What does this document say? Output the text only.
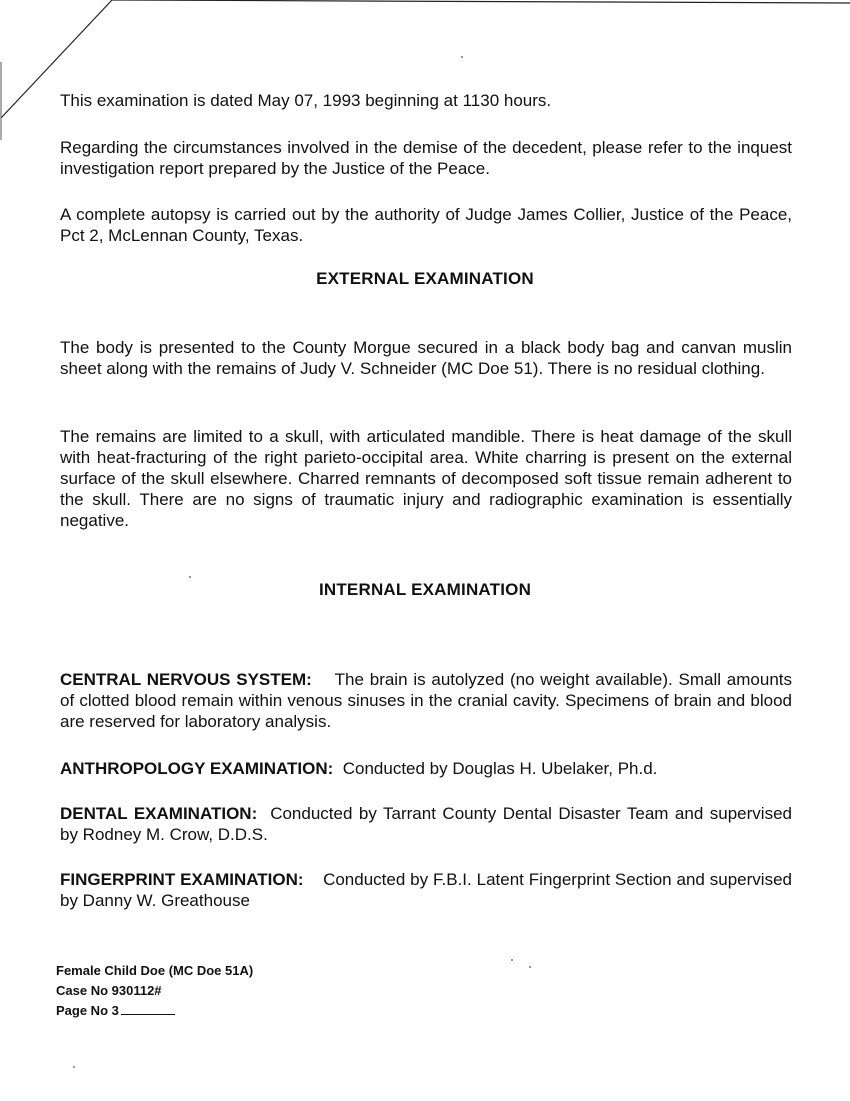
This examination is dated May 07, 1993 beginning at 1130 hours.

Regarding the circumstances involved in the demise of the decedent, please refer to the inquest investigation report prepared by the Justice of the Peace.

A complete autopsy is carried out by the authority of Judge James Collier, Justice of the Peace, Pct 2, McLennan County, Texas.

EXTERNAL EXAMINATION

The body is presented to the County Morgue secured in a black body bag and canvan muslin sheet along with the remains of Judy V. Schneider (MC Doe 51). There is no residual clothing.

The remains are limited to a skull, with articulated mandible. There is heat damage of the skull with heat-fracturing of the right parieto-occipital area. White charring is present on the external surface of the skull elsewhere. Charred remnants of decomposed soft tissue remain adherent to the skull. There are no signs of traumatic injury and radiographic examination is essentially negative.

INTERNAL EXAMINATION

CENTRAL NERVOUS SYSTEM: The brain is autolyzed (no weight available). Small amounts of clotted blood remain within venous sinuses in the cranial cavity. Specimens of brain and blood are reserved for laboratory analysis.

ANTHROPOLOGY EXAMINATION: Conducted by Douglas H. Ubelaker, Ph.d.

DENTAL EXAMINATION: Conducted by Tarrant County Dental Disaster Team and supervised by Rodney M. Crow, D.D.S.

FINGERPRINT EXAMINATION: Conducted by F.B.I. Latent Fingerprint Section and supervised by Danny W. Greathouse

Female Child Doe (MC Doe 51A)
Case No 930112#
Page No 3
